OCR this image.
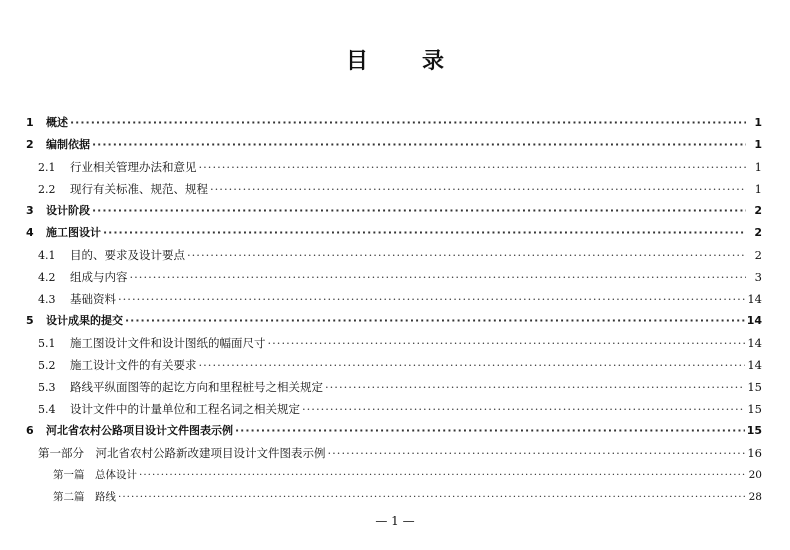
目 录
1	概述 ·····	1
2	编制依据 ·····	1
2.1	行业相关管理办法和意见 ·····	1
2.2	现行有关标准、规范、规程 ·····	1
3	设计阶段 ·····	2
4	施工图设计 ·····	2
4.1	目的、要求及设计要点 ·····	2
4.2	组成与内容 ·····	3
4.3	基础资料 ·····	14
5	设计成果的提交 ·····	14
5.1	施工图设计文件和设计图纸的幅面尺寸 ·····	14
5.2	施工设计文件的有关要求 ·····	14
5.3	路线平纵面图等的起讫方向和里程桩号之相关规定 ·····	15
5.4	设计文件中的计量单位和工程名词之相关规定 ·····	15
6	河北省农村公路项目设计文件图表示例 ·····	15
第一部分　河北省农村公路新改建项目设计文件图表示例 ·····	16
第一篇　总体设计 ·····	20
第二篇　路线 ·····	28
— 1 —
